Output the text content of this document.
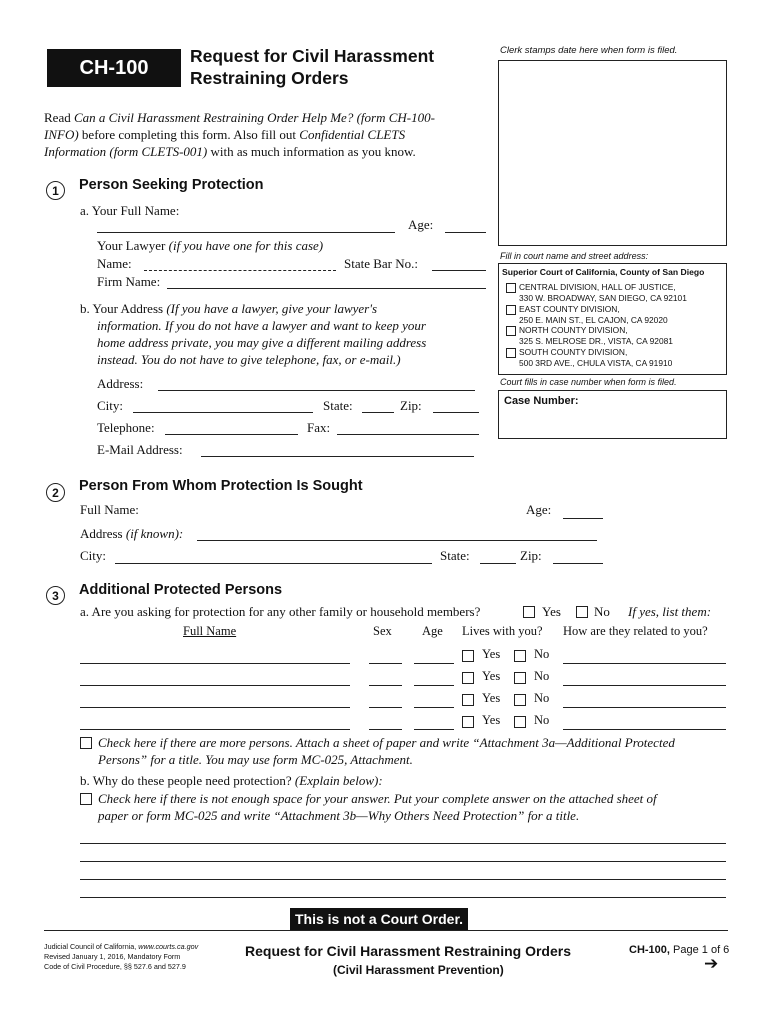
CH-100
Request for Civil Harassment
Restraining Orders
Clerk stamps date here when form is filed.
Read Can a Civil Harassment Restraining Order Help Me? (form CH-100-
INFO) before completing this form. Also fill out Confidential CLETS
Information (form CLETS-001) with as much information as you know.
1	Person Seeking Protection
a. Your Full Name:
Age:
Your Lawyer (if you have one for this case)
Name:	State Bar No.:
Firm Name:
b. Your Address (If you have a lawyer, give your lawyer's
information. If you do not have a lawyer and want to keep your
home address private, you may give a different mailing address
instead. You do not have to give telephone, fax, or e-mail.)
Address:
City:	State:	Zip:
Telephone:	Fax:
E-Mail Address:
Fill in court name and street address:
Superior Court of California, County of San Diego
CENTRAL DIVISION, HALL OF JUSTICE,
330 W. BROADWAY, SAN DIEGO, CA 92101
EAST COUNTY DIVISION,
250 E. MAIN ST., EL CAJON, CA 92020
NORTH COUNTY DIVISION,
325 S. MELROSE DR., VISTA, CA 92081
SOUTH COUNTY DIVISION,
500 3RD AVE., CHULA VISTA, CA 91910
Court fills in case number when form is filed.
Case Number:
2	Person From Whom Protection Is Sought
Full Name:	Age:
Address (if known):
City:	State:	Zip:
3	Additional Protected Persons
a. Are you asking for protection for any other family or household members?	Yes	No If yes, list them:
Full Name	Sex Age Lives with you? How are they related to you?
Yes	No
Yes	No
Yes	No
Yes	No
Check here if there are more persons. Attach a sheet of paper and write “Attachment 3a—Additional Protected
Persons” for a title. You may use form MC-025, Attachment.
b. Why do these people need protection? (Explain below):
Check here if there is not enough space for your answer. Put your complete answer on the attached sheet of
paper or form MC-025 and write “Attachment 3b—Why Others Need Protection” for a title.
This is not a Court Order.
Judicial Council of California, www.courts.ca.gov
Revised January 1, 2016, Mandatory Form
Code of Civil Procedure, §§ 527.6 and 527.9
Request for Civil Harassment Restraining Orders
(Civil Harassment Prevention)
CH-100, Page 1 of 6
➔
